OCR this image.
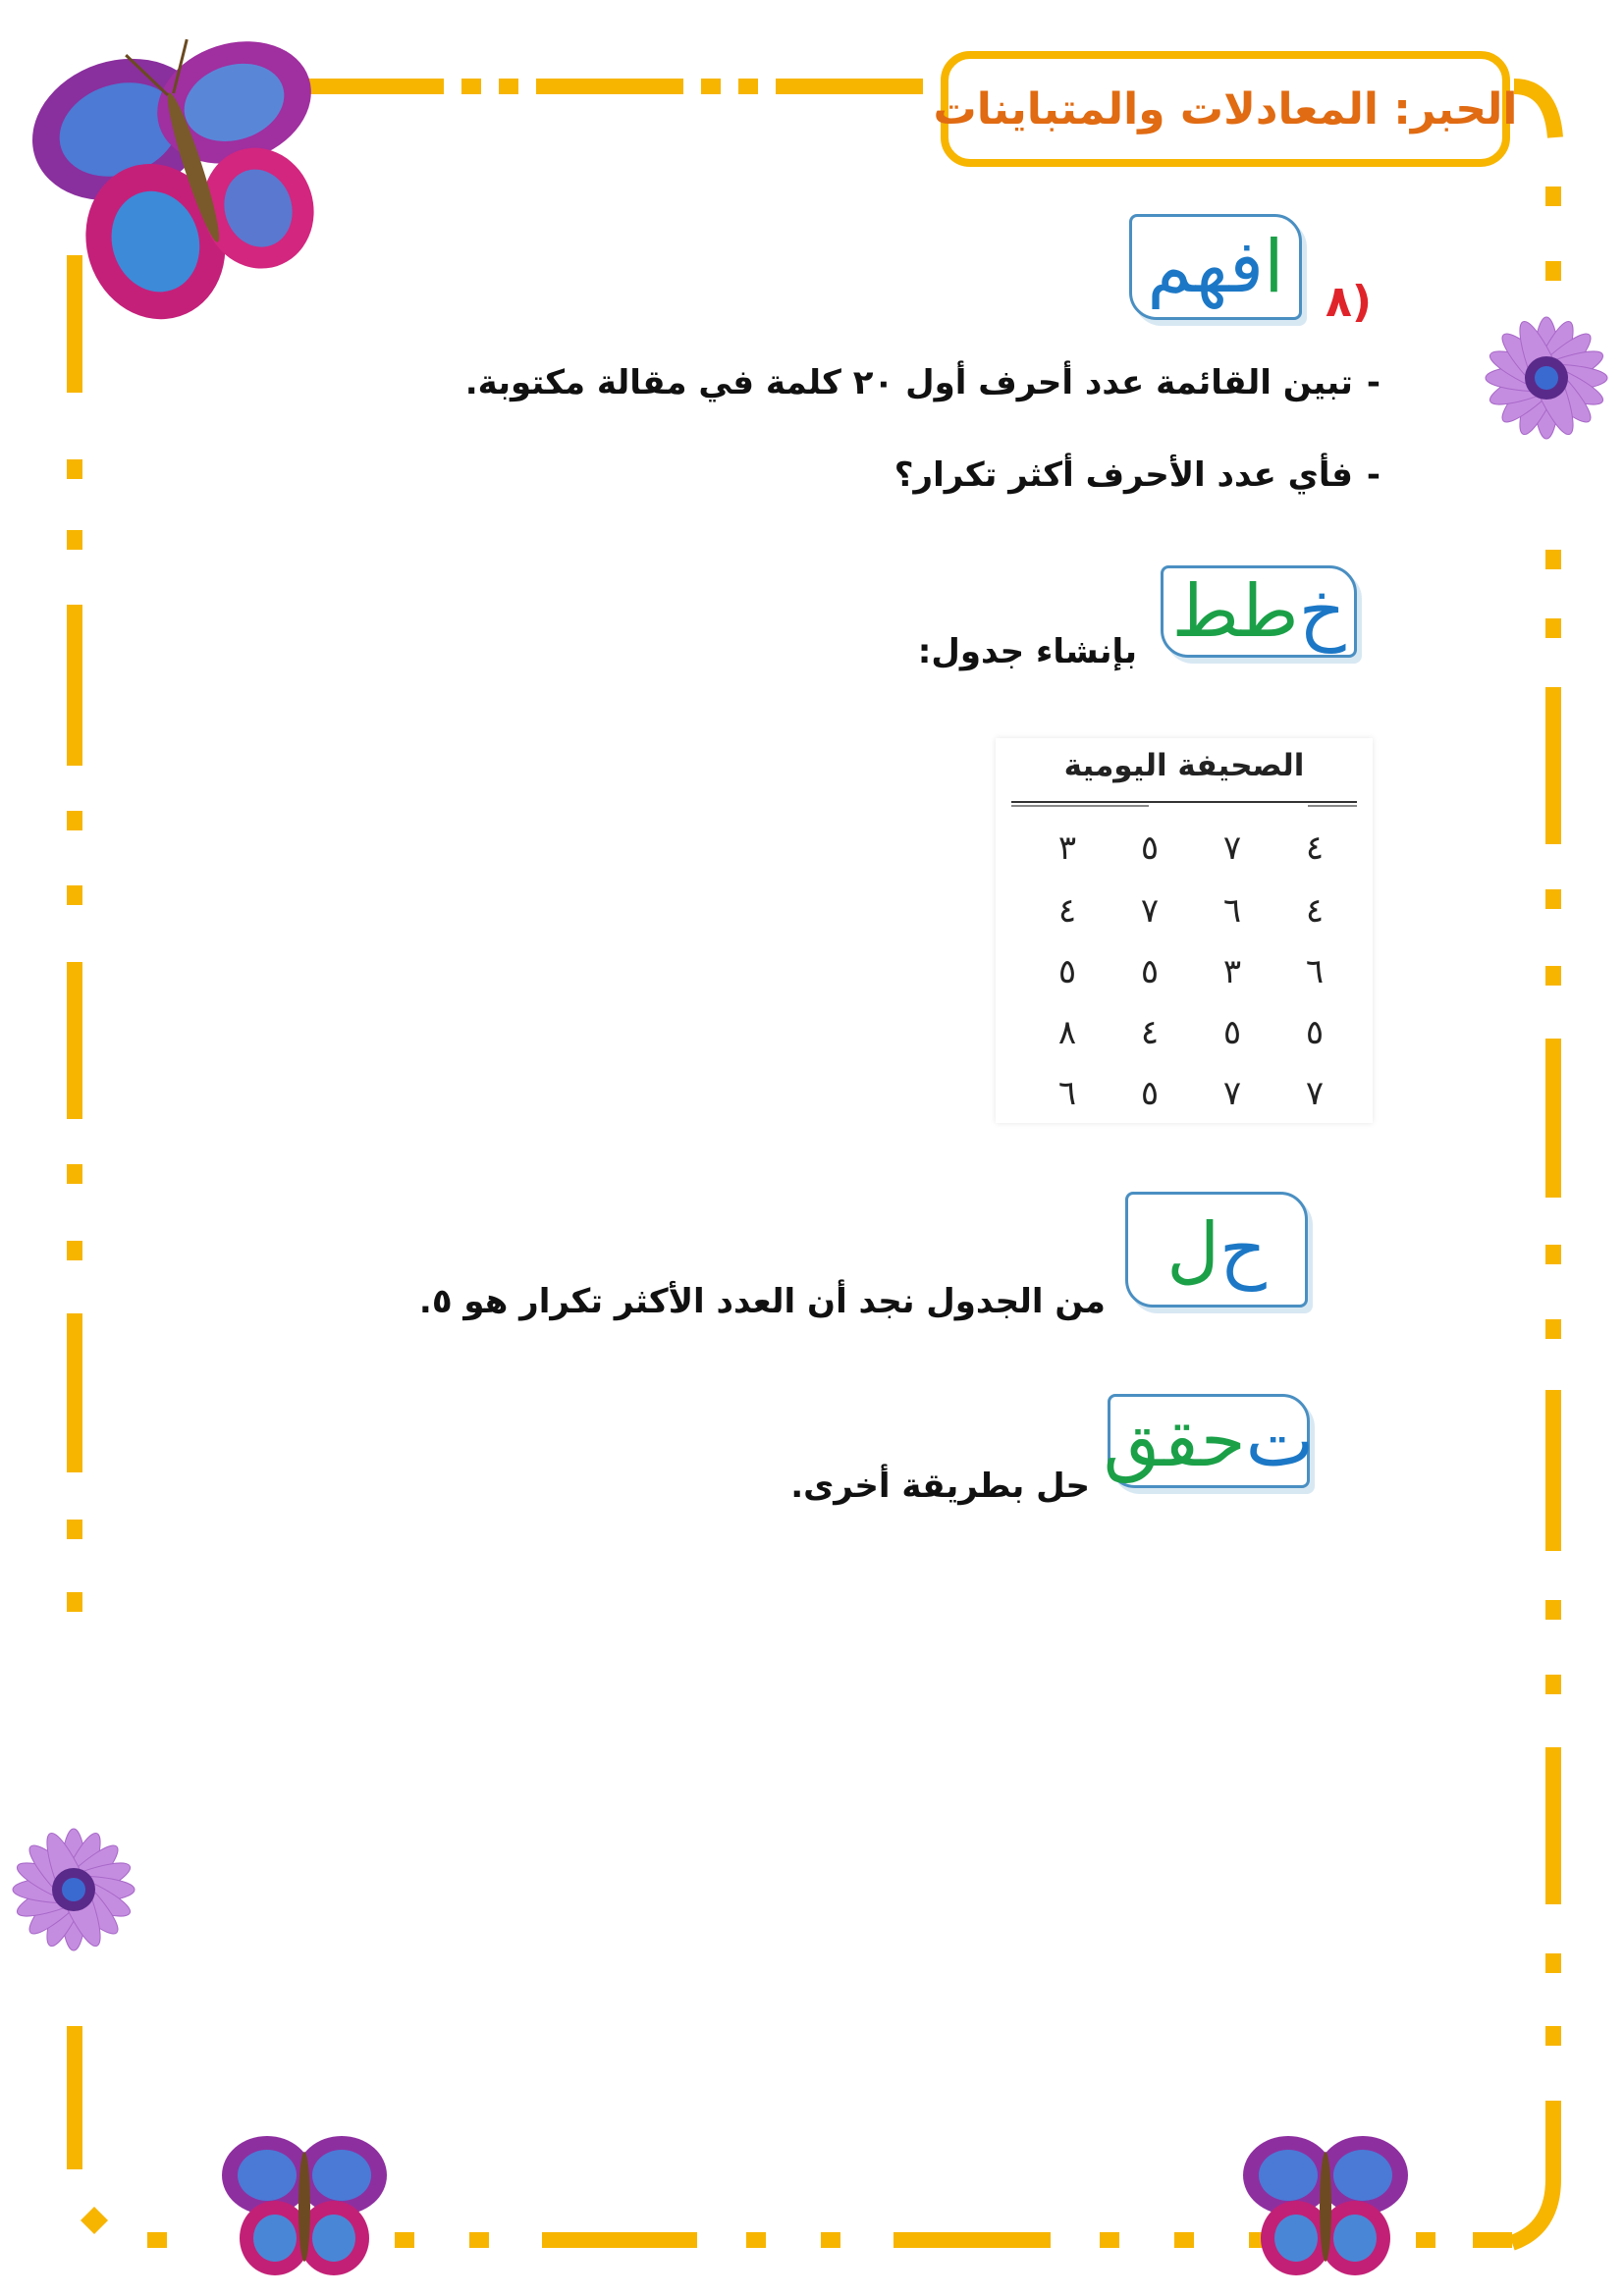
الحبر: المعادلات والمتباينات
ا
فهم ٨)
-تبين القائمة عدد أحرف أول ٢٠ كلمة في مقالة مكتوبة.
-فأي عدد الأحرف أكثر تكرار؟
خ
طط
بإنشاء جدول:
الصحيفة اليومية
٤
٧
٥
٣
٤
٦
٧
٤
٦
٣
٥
٥
٥
٥
٤
٨
٧
٧
٥
٦
ح
ل
من الجدول نجد أن العدد الأكثر تكرار هو ٥.
ت
حقق
حل بطريقة أخرى.
